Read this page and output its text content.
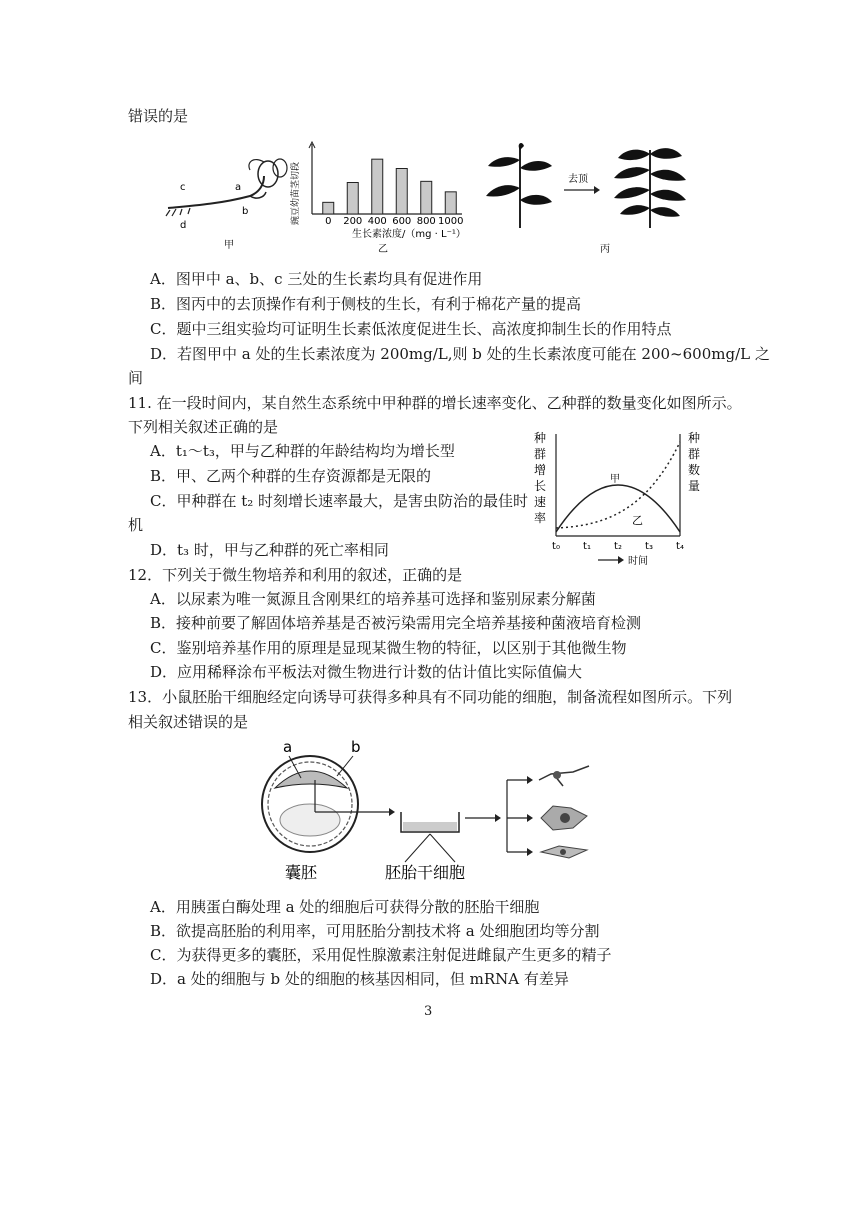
错误的是
c	a
d
b
甲
豌豆幼苗茎切段 0 200 400 600 800 1000
生长素浓度/（mg · L⁻¹）
乙
去顶
丙
A．图甲中 a、b、c 三处的生长素均具有促进作用
B．图丙中的去顶操作有利于侧枝的生长，有利于棉花产量的提高
C．题中三组实验均可证明生长素低浓度促进生长、高浓度抑制生长的作用特点
D．若图甲中 a 处的生长素浓度为 200mg/L,则 b 处的生长素浓度可能在 200~600mg/L 之
间
11. 在一段时间内，某自然生态系统中甲种群的增长速率变化、乙种群的数量变化如图所示。
下列相关叙述正确的是
A．t₁～t₃，甲与乙种群的年龄结构均为增长型
B．甲、乙两个种群的生存资源都是无限的
C．甲种群在 t₂ 时刻增长速率最大，是害虫防治的最佳时
机
D．t₃ 时，甲与乙种群的死亡率相同
种
群
增
长
速
率
种
群
数
量
甲
乙
t₀ t₁ t₂ t₃ t₄
时间
12．下列关于微生物培养和利用的叙述，正确的是
A．以尿素为唯一氮源且含刚果红的培养基可选择和鉴别尿素分解菌
B．接种前要了解固体培养基是否被污染需用完全培养基接种菌液培育检测
C．鉴别培养基作用的原理是显现某微生物的特征，以区别于其他微生物
D．应用稀释涂布平板法对微生物进行计数的估计值比实际值偏大
13．小鼠胚胎干细胞经定向诱导可获得多种具有不同功能的细胞，制备流程如图所示。下列
相关叙述错误的是
a	b
囊胚	胚胎干细胞
A．用胰蛋白酶处理 a 处的细胞后可获得分散的胚胎干细胞
B．欲提高胚胎的利用率，可用胚胎分割技术将 a 处细胞团均等分割
C．为获得更多的囊胚，采用促性腺激素注射促进雌鼠产生更多的精子
D．a 处的细胞与 b 处的细胞的核基因相同，但 mRNA 有差异
3
